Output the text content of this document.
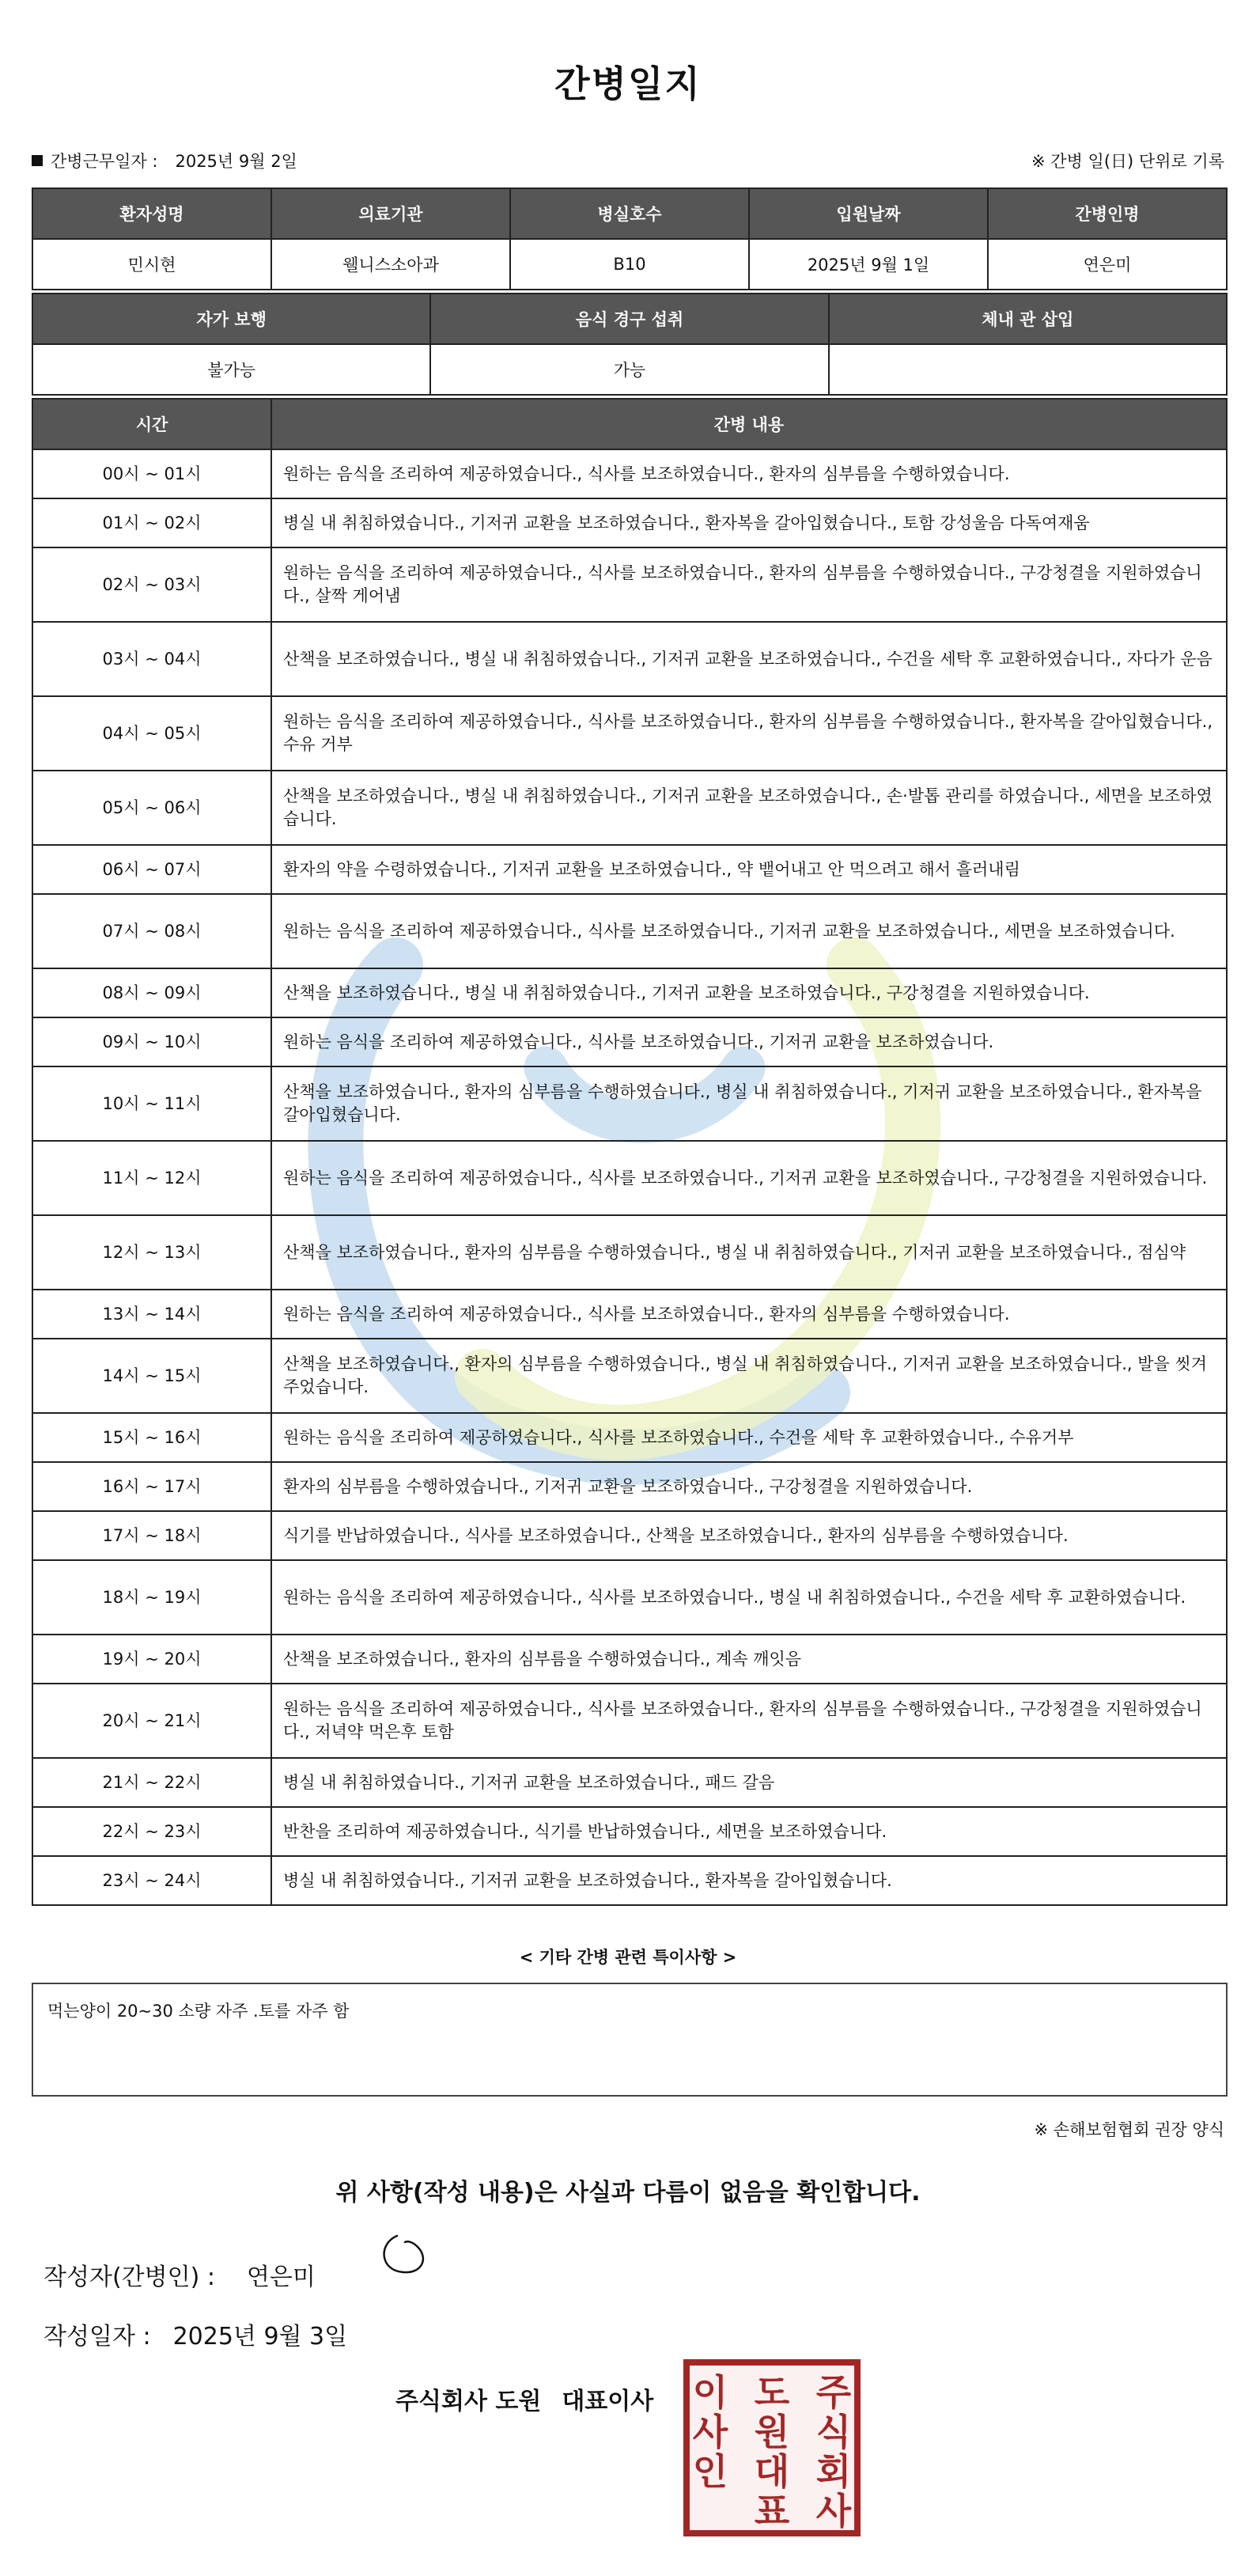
간병일지
간병근무일자 : 2025년 9월 2일	※ 간병 일(日) 단위로 기록
환자성명	의료기관	병실호수	입원날짜	간병인명
민시현	웰니스소아과	B10	2025년 9월 1일	연은미
자가 보행	음식 경구 섭취	체내 관 삽입
불가능	가능	
시간	간병 내용
00시 ~ 01시	원하는 음식을 조리하여 제공하였습니다., 식사를 보조하였습니다., 환자의 심부름을 수행하였습니다.
01시 ~ 02시	병실 내 취침하였습니다., 기저귀 교환을 보조하였습니다., 환자복을 갈아입혔습니다., 토함 강성울음 다독여재움
02시 ~ 03시	원하는 음식을 조리하여 제공하였습니다., 식사를 보조하였습니다., 환자의 심부름을 수행하였습니다., 구강청결을 지원하였습니다., 살짝 게어냄
03시 ~ 04시	산책을 보조하였습니다., 병실 내 취침하였습니다., 기저귀 교환을 보조하였습니다., 수건을 세탁 후 교환하였습니다., 자다가 운음
04시 ~ 05시	원하는 음식을 조리하여 제공하였습니다., 식사를 보조하였습니다., 환자의 심부름을 수행하였습니다., 환자복을 갈아입혔습니다., 수유 거부
05시 ~ 06시	산책을 보조하였습니다., 병실 내 취침하였습니다., 기저귀 교환을 보조하였습니다., 손·발톱 관리를 하였습니다., 세면을 보조하였습니다.
06시 ~ 07시	환자의 약을 수령하였습니다., 기저귀 교환을 보조하였습니다., 약 뱉어내고 안 먹으려고 해서 흘러내림
07시 ~ 08시	원하는 음식을 조리하여 제공하였습니다., 식사를 보조하였습니다., 기저귀 교환을 보조하였습니다., 세면을 보조하였습니다.
08시 ~ 09시	산책을 보조하였습니다., 병실 내 취침하였습니다., 기저귀 교환을 보조하였습니다., 구강청결을 지원하였습니다.
09시 ~ 10시	원하는 음식을 조리하여 제공하였습니다., 식사를 보조하였습니다., 기저귀 교환을 보조하였습니다.
10시 ~ 11시	산책을 보조하였습니다., 환자의 심부름을 수행하였습니다., 병실 내 취침하였습니다., 기저귀 교환을 보조하였습니다., 환자복을 갈아입혔습니다.
11시 ~ 12시	원하는 음식을 조리하여 제공하였습니다., 식사를 보조하였습니다., 기저귀 교환을 보조하였습니다., 구강청결을 지원하였습니다.
12시 ~ 13시	산책을 보조하였습니다., 환자의 심부름을 수행하였습니다., 병실 내 취침하였습니다., 기저귀 교환을 보조하였습니다., 점심약
13시 ~ 14시	원하는 음식을 조리하여 제공하였습니다., 식사를 보조하였습니다., 환자의 심부름을 수행하였습니다.
14시 ~ 15시	산책을 보조하였습니다., 환자의 심부름을 수행하였습니다., 병실 내 취침하였습니다., 기저귀 교환을 보조하였습니다., 발을 씻겨주었습니다.
15시 ~ 16시	원하는 음식을 조리하여 제공하였습니다., 식사를 보조하였습니다., 수건을 세탁 후 교환하였습니다., 수유거부
16시 ~ 17시	환자의 심부름을 수행하였습니다., 기저귀 교환을 보조하였습니다., 구강청결을 지원하였습니다.
17시 ~ 18시	식기를 반납하였습니다., 식사를 보조하였습니다., 산책을 보조하였습니다., 환자의 심부름을 수행하였습니다.
18시 ~ 19시	원하는 음식을 조리하여 제공하였습니다., 식사를 보조하였습니다., 병실 내 취침하였습니다., 수건을 세탁 후 교환하였습니다.
19시 ~ 20시	산책을 보조하였습니다., 환자의 심부름을 수행하였습니다., 계속 깨잇음
20시 ~ 21시	원하는 음식을 조리하여 제공하였습니다., 식사를 보조하였습니다., 환자의 심부름을 수행하였습니다., 구강청결을 지원하였습니다., 저녁약 먹은후 토함
21시 ~ 22시	병실 내 취침하였습니다., 기저귀 교환을 보조하였습니다., 패드 갈음
22시 ~ 23시	반찬을 조리하여 제공하였습니다., 식기를 반납하였습니다., 세면을 보조하였습니다.
23시 ~ 24시	병실 내 취침하였습니다., 기저귀 교환을 보조하였습니다., 환자복을 갈아입혔습니다.
< 기타 간병 관련 특이사항 >
먹는양이 20~30 소량 자주 .토를 자주 함
※ 손해보험협회 권장 양식
위 사항(작성 내용)은 사실과 다름이 없음을 확인합니다.
작성자(간병인) : 연은미
작성일자 : 2025년 9월 3일
주식회사 도원 대표이사	주
식
회
사
도
원
대
표
이
사
인
